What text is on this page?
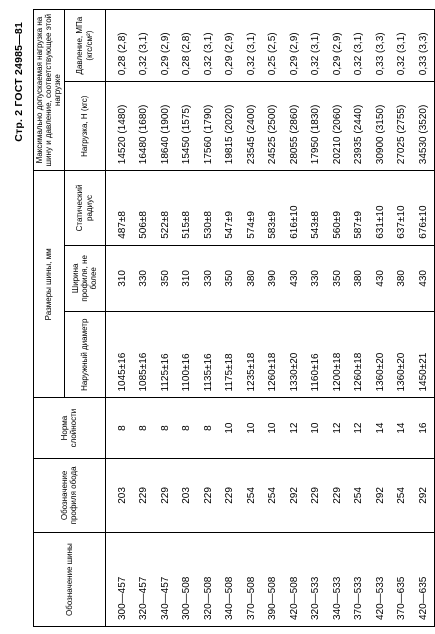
Стр. 2 ГОСТ 24985—81
Обозначение шины	Обозначение профиля обода	Норма слойности	Размеры шины, мм			Максимально допускаемая нагрузка на шину и давление, соответствующее этой нагрузке	
			Наружный диаметр	Ширина профиля, не более	Статический радиус	Нагрузка, Н (кгс)	Давление, МПа (кгс/см²)

300—457	203	8	1045±16	310	487±8	14520 (1480)	0,28 (2,8)
320—457	229	8	1085±16	330	506±8	16480 (1680)	0,32 (3,1)
340—457	229	8	1125±16	350	522±8	18640 (1900)	0,29 (2,9)
300—508	203	8	1100±16	310	515±8	15450 (1575)	0,28 (2,8)
320—508	229	8	1135±16	330	530±8	17560 (1790)	0,32 (3,1)
340—508	229	10	1175±18	350	547±9	19815 (2020)	0,29 (2,9)
370—508	254	10	1235±18	380	574±9	23545 (2400)	0,32 (3,1)
390—508	254	10	1260±18	390	583±9	24525 (2500)	0,25 (2,5)
420—508	292	12	1330±20	430	616±10	28055 (2860)	0,29 (2,9)
320—533	229	10	1160±16	330	543±8	17950 (1830)	0,32 (3,1)
340—533	229	12	1200±18	350	560±9	20210 (2060)	0,29 (2,9)
370—533	254	12	1260±18	380	587±9	23935 (2440)	0,32 (3,1)
420—533	292	14	1360±20	430	631±10	30900 (3150)	0,33 (3,3)
370—635	254	14	1360±20	380	637±10	27025 (2755)	0,32 (3,1)
420—635	292	16	1450±21	430	676±10	34530 (3520)	0,33 (3,3)
